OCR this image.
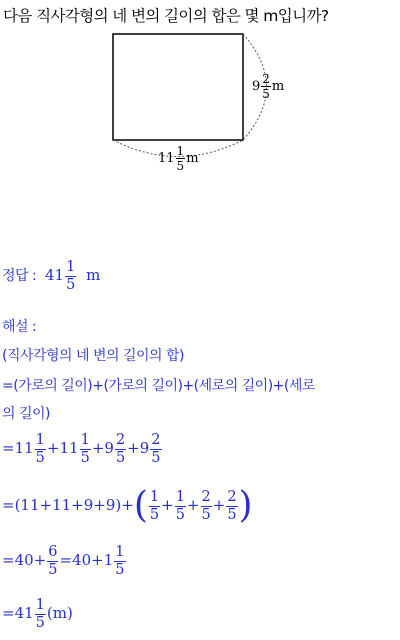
다음 직사각형의 네 변의 길이의 합은 몇 m입니까?
$9 \frac{2}{5}$ m
$11 \frac{1}{5}$ m
정답 : $41 \frac{1}{5}$ m
해설 :
(직사각형의 네 변의 길이의 합)
=(가로의 길이)+(가로의 길이)+(세로의 길이)+(세로
의 길이)
$=11 \frac{1}{5} +11 \frac{1}{5} +9 \frac{2}{5} +9 \frac{2}{5}$
$=(11+11+9+9)+( \frac{1}{5} + \frac{1}{5} + \frac{2}{5} + \frac{2}{5}$ )
$=40+ \frac{6}{5} =40+1 \frac{1}{5}$
$=41 \frac{1}{5} (m)$
